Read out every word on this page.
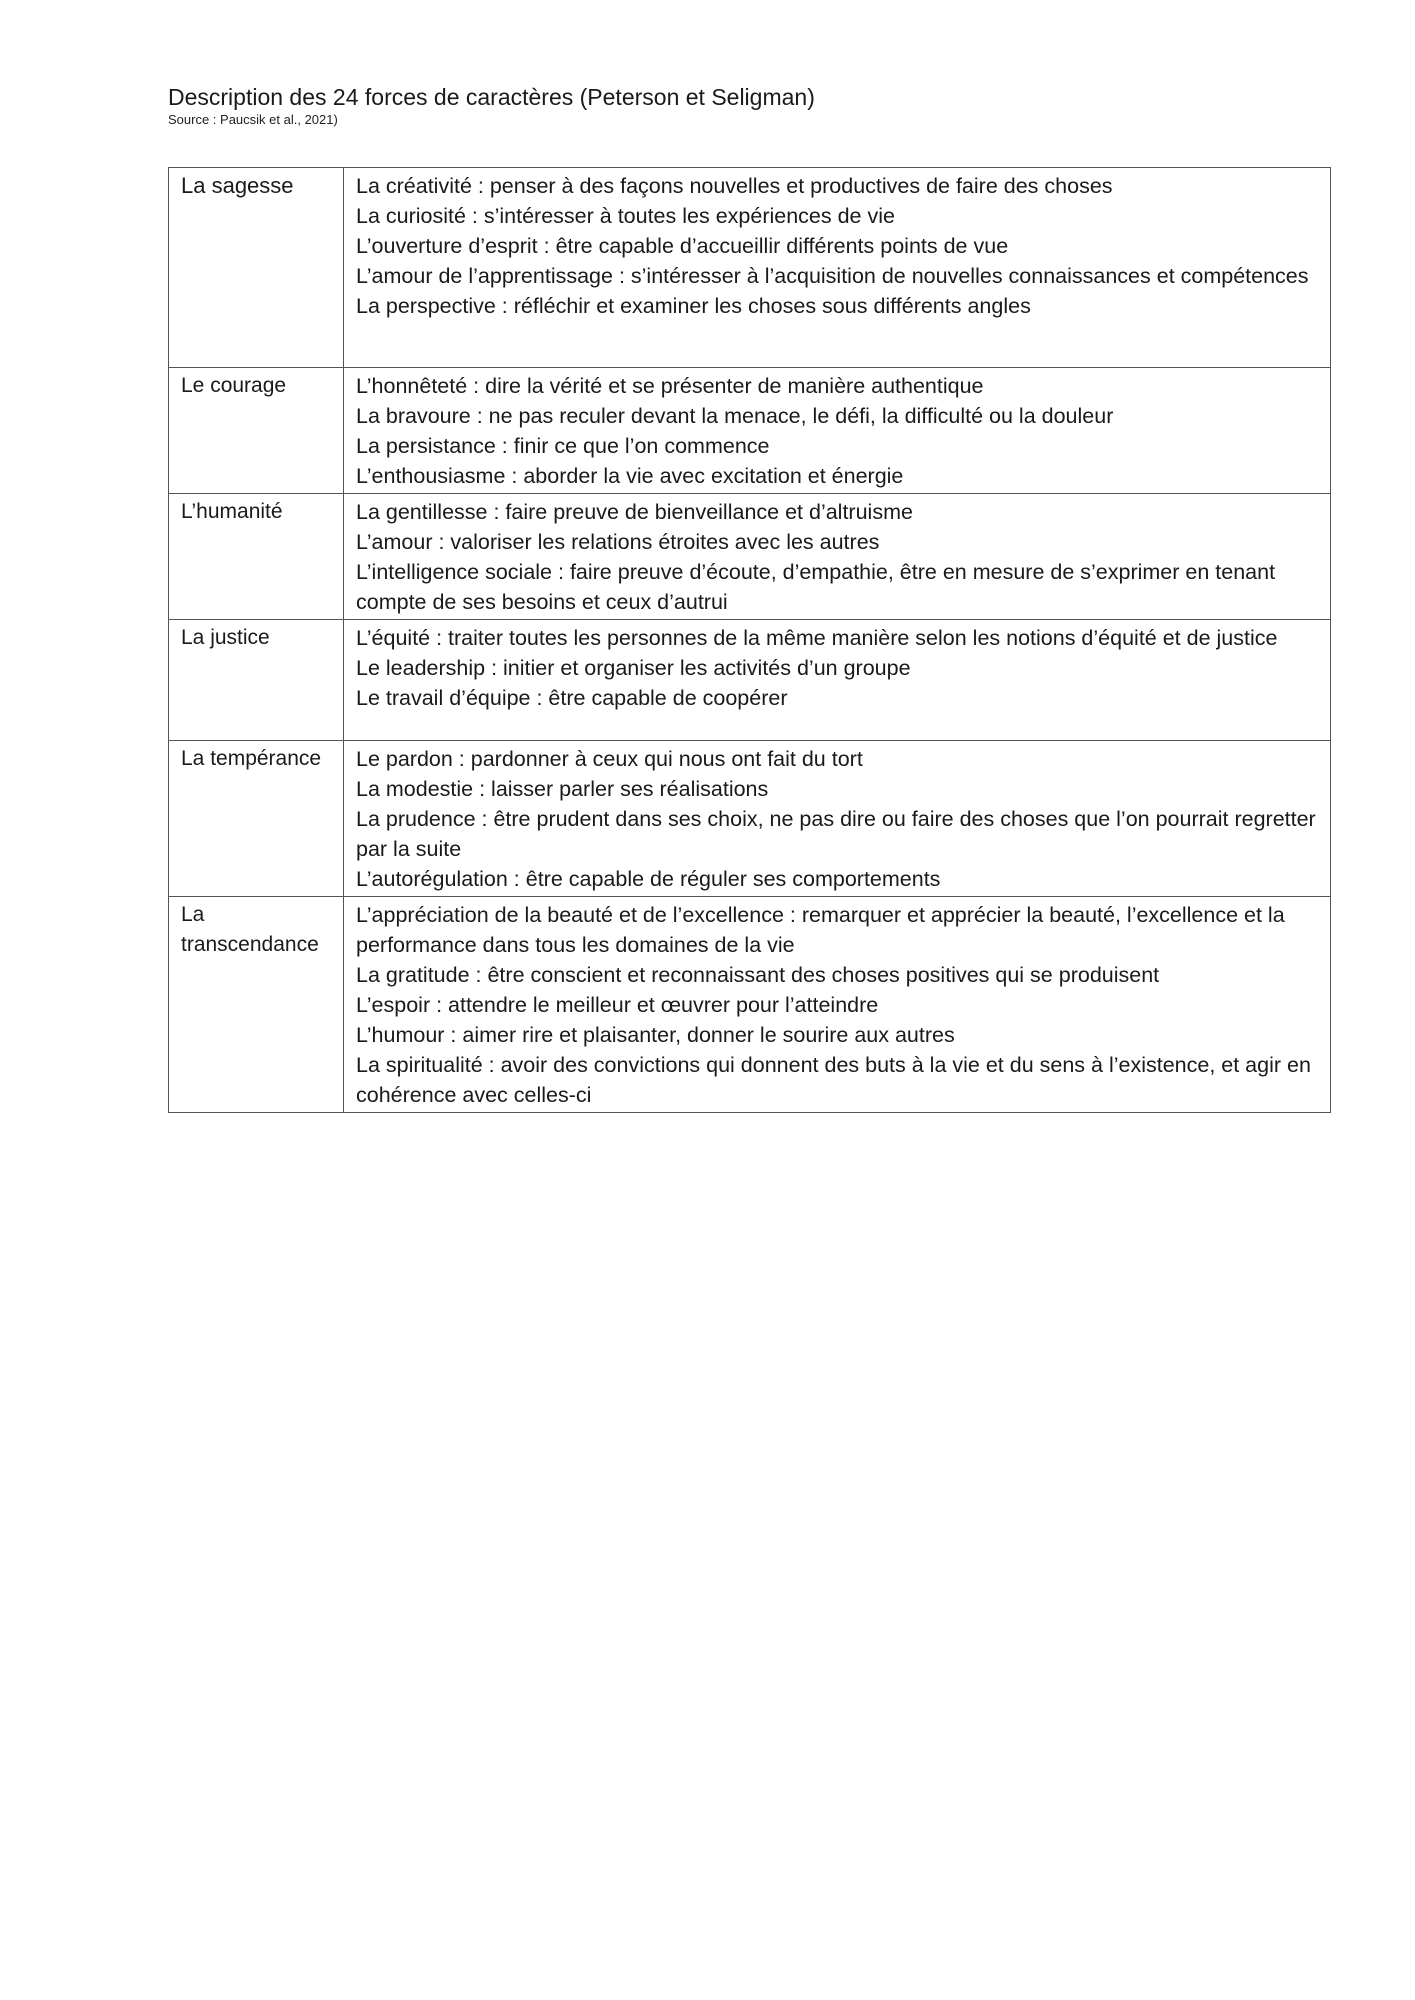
Description des 24 forces de caractères (Peterson et Seligman)
Source : Paucsik et al., 2021)
La sagesse	La créativité : penser à des façons nouvelles et productives de faire des choses
La curiosité : s’intéresser à toutes les expériences de vie
L’ouverture d’esprit : être capable d’accueillir différents points de vue
L’amour de l’apprentissage : s’intéresser à l’acquisition de nouvelles connaissances et compétences
La perspective : réfléchir et examiner les choses sous différents angles

Le courage	L’honnêteté : dire la vérité et se présenter de manière authentique
La bravoure : ne pas reculer devant la menace, le défi, la difficulté ou la douleur
La persistance : finir ce que l’on commence
L’enthousiasme : aborder la vie avec excitation et énergie

L’humanité	La gentillesse : faire preuve de bienveillance et d’altruisme
L’amour : valoriser les relations étroites avec les autres
L’intelligence sociale : faire preuve d’écoute, d’empathie, être en mesure de s’exprimer en tenant compte de ses besoins et ceux d’autrui

La justice	L’équité : traiter toutes les personnes de la même manière selon les notions d’équité et de justice
Le leadership : initier et organiser les activités d’un groupe
Le travail d’équipe : être capable de coopérer

La tempérance	Le pardon : pardonner à ceux qui nous ont fait du tort
La modestie : laisser parler ses réalisations
La prudence : être prudent dans ses choix, ne pas dire ou faire des choses que l’on pourrait regretter par la suite
L’autorégulation : être capable de réguler ses comportements

La transcendance	L’appréciation de la beauté et de l’excellence : remarquer et apprécier la beauté, l’excellence et la performance dans tous les domaines de la vie
La gratitude : être conscient et reconnaissant des choses positives qui se produisent
L’espoir : attendre le meilleur et œuvrer pour l’atteindre
L’humour : aimer rire et plaisanter, donner le sourire aux autres
La spiritualité : avoir des convictions qui donnent des buts à la vie et du sens à l’existence, et agir en cohérence avec celles-ci
